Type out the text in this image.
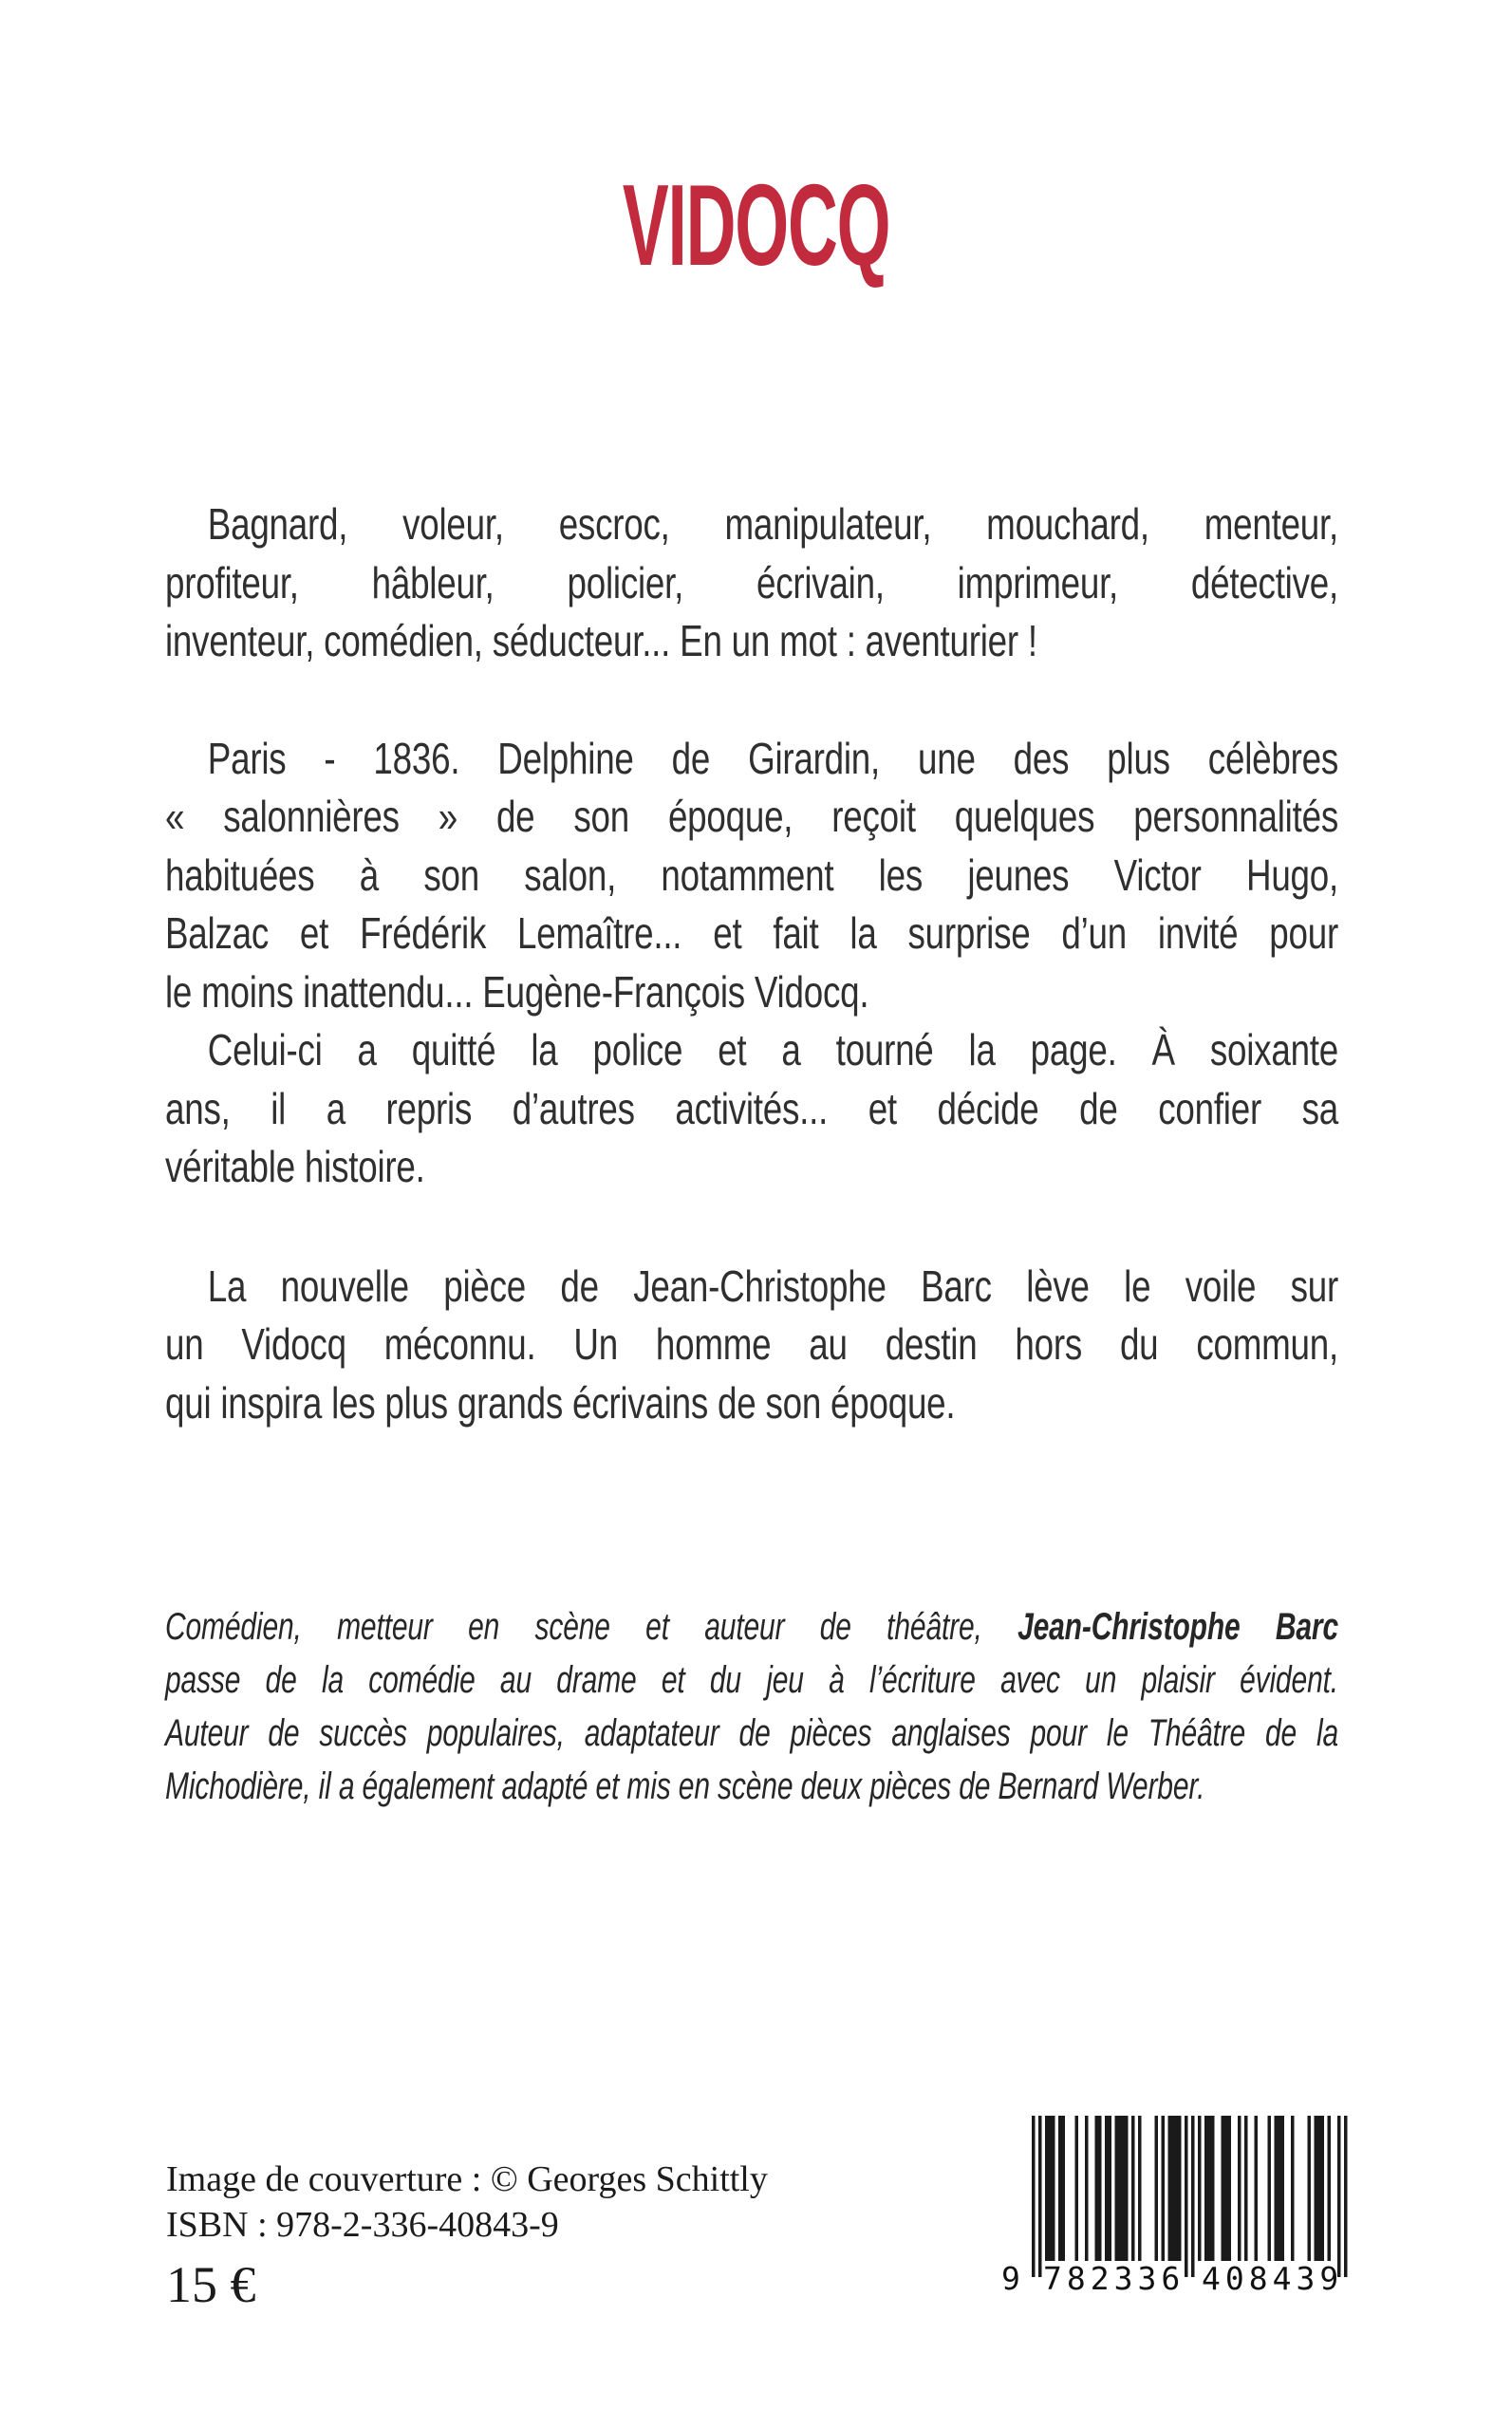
VIDOCQ
Bagnard, voleur, escroc, manipulateur, mouchard, menteur,
profiteur, hâbleur, policier, écrivain, imprimeur, détective,
inventeur, comédien, séducteur... En un mot : aventurier !
Paris - 1836. Delphine de Girardin, une des plus célèbres
« salonnières » de son époque, reçoit quelques personnalités
habituées à son salon, notamment les jeunes Victor Hugo,
Balzac et Frédérik Lemaître... et fait la surprise d’un invité pour
le moins inattendu... Eugène-François Vidocq.
Celui-ci a quitté la police et a tourné la page. À soixante
ans, il a repris d’autres activités... et décide de confier sa
véritable histoire.
La nouvelle pièce de Jean-Christophe Barc lève le voile sur
un Vidocq méconnu. Un homme au destin hors du commun,
qui inspira les plus grands écrivains de son époque.
Comédien, metteur en scène et auteur de théâtre, Jean-Christophe Barc
passe de la comédie au drame et du jeu à l’écriture avec un plaisir évident.
Auteur de succès populaires, adaptateur de pièces anglaises pour le Théâtre de la
Michodière, il a également adapté et mis en scène deux pièces de Bernard Werber.
Image de couverture : © Georges Schittly
ISBN : 978-2-336-40843-9
15 €	9 782336 408439
